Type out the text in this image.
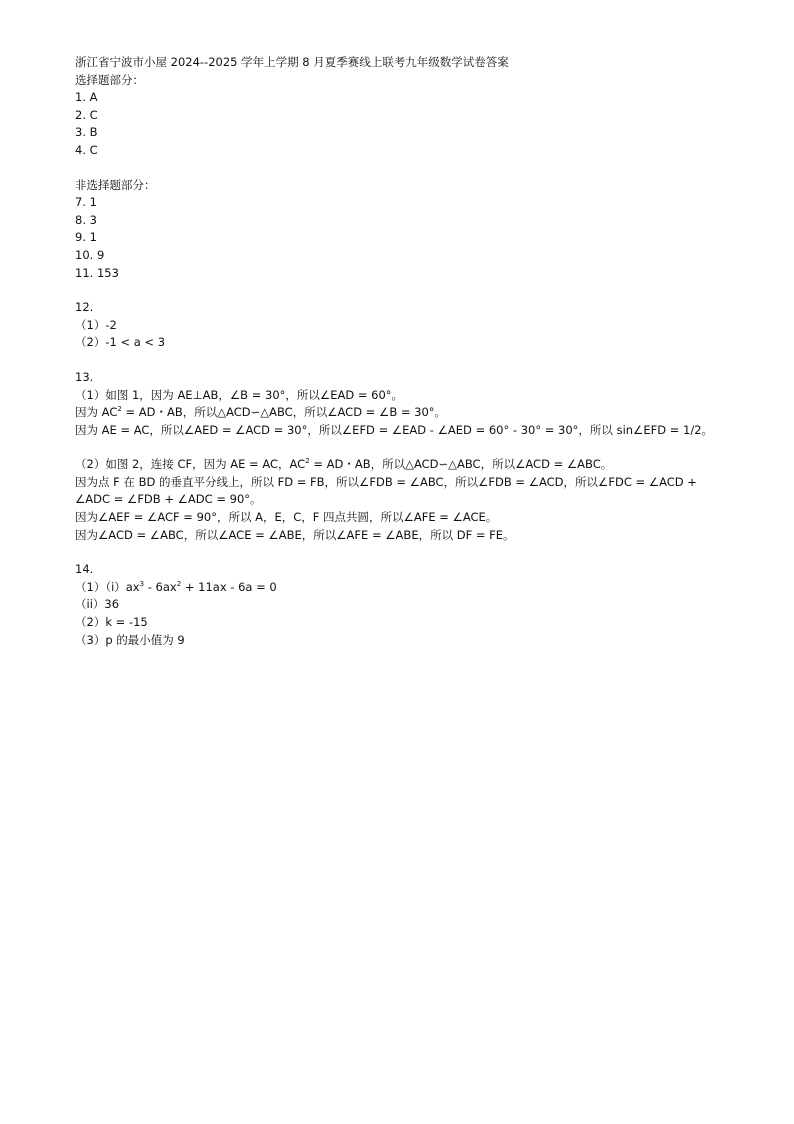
浙江省宁波市小屋 2024--2025 学年上学期 8 月夏季赛线上联考九年级数学试卷答案
选择题部分：
1. A
2. C
3. B
4. C
非选择题部分：
7. 1
8. 3
9. 1
10. 9
11. 153
12.
（1）-2
（2）-1 < a < 3
13.
（1）如图 1，因为 AE⊥AB，∠B = 30°，所以∠EAD = 60°。
因为 $AC^2$ = AD・AB，所以△ACD∽△ABC，所以∠ACD = ∠B = 30°。
因为 AE = AC，所以∠AED = ∠ACD = 30°，所以∠EFD = ∠EAD - ∠AED = 60° - 30° = 30°，所以 sin∠EFD = 1/2。
（2）如图 2，连接 CF，因为 AE = AC，$AC^2$ = AD・AB，所以△ACD∽△ABC，所以∠ACD = ∠ABC。
因为点 F 在 BD 的垂直平分线上，所以 FD = FB，所以∠FDB = ∠ABC，所以∠FDB = ∠ACD，所以∠FDC = ∠ACD + ∠ADC = ∠FDB + ∠ADC = 90°。
因为∠AEF = ∠ACF = 90°，所以 A，E，C，F 四点共圆，所以∠AFE = ∠ACE。
因为∠ACD = ∠ABC，所以∠ACE = ∠ABE，所以∠AFE = ∠ABE，所以 DF = FE。
14.
$(1)(i)ax^3 - 6ax^2 + 11ax - 6a = 0$
（ii）36
（2）k = -15
（3）p 的最小值为 9
